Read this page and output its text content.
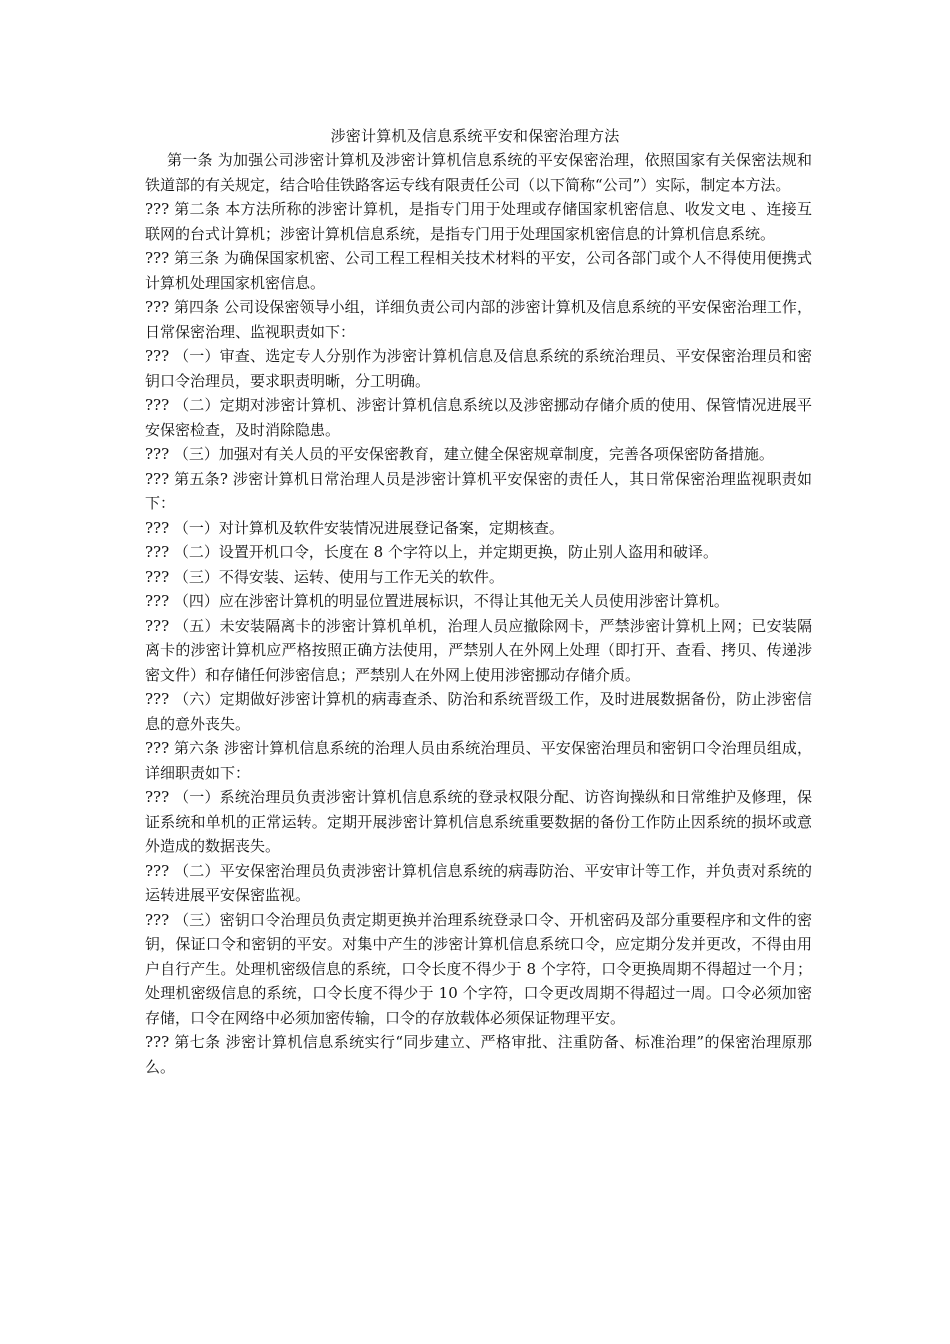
涉密计算机及信息系统平安和保密治理方法

第一条 为加强公司涉密计算机及涉密计算机信息系统的平安保密治理，依照国家有关保密法规和铁道部的有关规定，结合哈佳铁路客运专线有限责任公司（以下简称“公司”）实际，制定本方法。

??? 第二条 本方法所称的涉密计算机，是指专门用于处理或存储国家机密信息、收发文电 、连接互联网的台式计算机；涉密计算机信息系统，是指专门用于处理国家机密信息的计算机信息系统。

??? 第三条 为确保国家机密、公司工程工程相关技术材料的平安，公司各部门或个人不得使用便携式计算机处理国家机密信息。

??? 第四条 公司设保密领导小组，详细负责公司内部的涉密计算机及信息系统的平安保密治理工作，日常保密治理、监视职责如下：

??? （一）审查、选定专人分别作为涉密计算机信息及信息系统的系统治理员、平安保密治理员和密钥口令治理员，要求职责明晰，分工明确。

??? （二）定期对涉密计算机、涉密计算机信息系统以及涉密挪动存储介质的使用、保管情况进展平安保密检查，及时消除隐患。

??? （三）加强对有关人员的平安保密教育，建立健全保密规章制度，完善各项保密防备措施。

??? 第五条? 涉密计算机日常治理人员是涉密计算机平安保密的责任人，其日常保密治理监视职责如下：

??? （一）对计算机及软件安装情况进展登记备案，定期核查。

??? （二）设置开机口令，长度在 8 个字符以上，并定期更换，防止别人盗用和破译。

??? （三）不得安装、运转、使用与工作无关的软件。

??? （四）应在涉密计算机的明显位置进展标识，不得让其他无关人员使用涉密计算机。

??? （五）未安装隔离卡的涉密计算机单机，治理人员应撤除网卡，严禁涉密计算机上网；已安装隔离卡的涉密计算机应严格按照正确方法使用，严禁别人在外网上处理（即打开、查看、拷贝、传递涉密文件）和存储任何涉密信息；严禁别人在外网上使用涉密挪动存储介质。

??? （六）定期做好涉密计算机的病毒查杀、防治和系统晋级工作，及时进展数据备份，防止涉密信息的意外丧失。

??? 第六条 涉密计算机信息系统的治理人员由系统治理员、平安保密治理员和密钥口令治理员组成，详细职责如下：

??? （一）系统治理员负责涉密计算机信息系统的登录权限分配、访咨询操纵和日常维护及修理，保证系统和单机的正常运转。定期开展涉密计算机信息系统重要数据的备份工作防止因系统的损坏或意外造成的数据丧失。

??? （二）平安保密治理员负责涉密计算机信息系统的病毒防治、平安审计等工作，并负责对系统的运转进展平安保密监视。

??? （三）密钥口令治理员负责定期更换并治理系统登录口令、开机密码及部分重要程序和文件的密钥，保证口令和密钥的平安。对集中产生的涉密计算机信息系统口令，应定期分发并更改，不得由用户自行产生。处理机密级信息的系统，口令长度不得少于 8 个字符，口令更换周期不得超过一个月；处理机密级信息的系统，口令长度不得少于 10 个字符，口令更改周期不得超过一周。口令必须加密存储，口令在网络中必须加密传输，口令的存放载体必须保证物理平安。

??? 第七条 涉密计算机信息系统实行“同步建立、严格审批、注重防备、标准治理”的保密治理原那么。
